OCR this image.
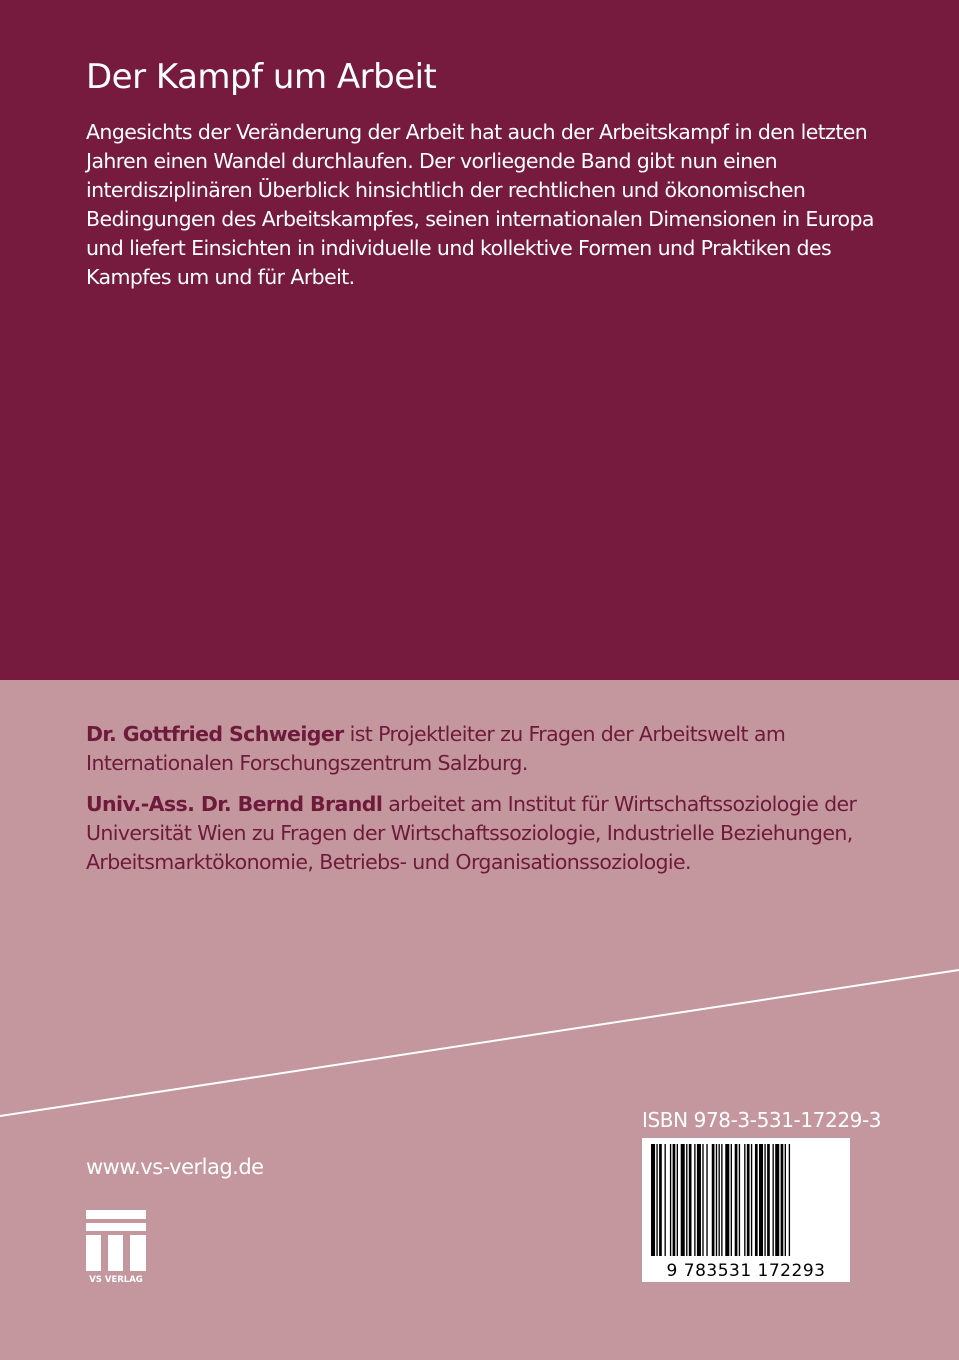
Der Kampf um Arbeit

Angesichts der Veränderung der Arbeit hat auch der Arbeitskampf in den letzten Jahren einen Wandel durchlaufen. Der vorliegende Band gibt nun einen interdisziplinären Überblick hinsichtlich der rechtlichen und ökonomischen Bedingungen des Arbeitskampfes, seinen internationalen Dimensionen in Europa und liefert Einsichten in individuelle und kollektive Formen und Praktiken des Kampfes um und für Arbeit.

Dr. Gottfried Schweiger ist Projektleiter zu Fragen der Arbeitswelt am Internationalen Forschungszentrum Salzburg.

Univ.-Ass. Dr. Bernd Brandl arbeitet am Institut für Wirtschaftssoziologie der Universität Wien zu Fragen der Wirtschaftssoziologie, Industrielle Beziehungen, Arbeitsmarktökonomie, Betriebs- und Organisationssoziologie.

www.vs-verlag.de
VS VERLAG
ISBN 978-3-531-17229-3
9 783531 172293
